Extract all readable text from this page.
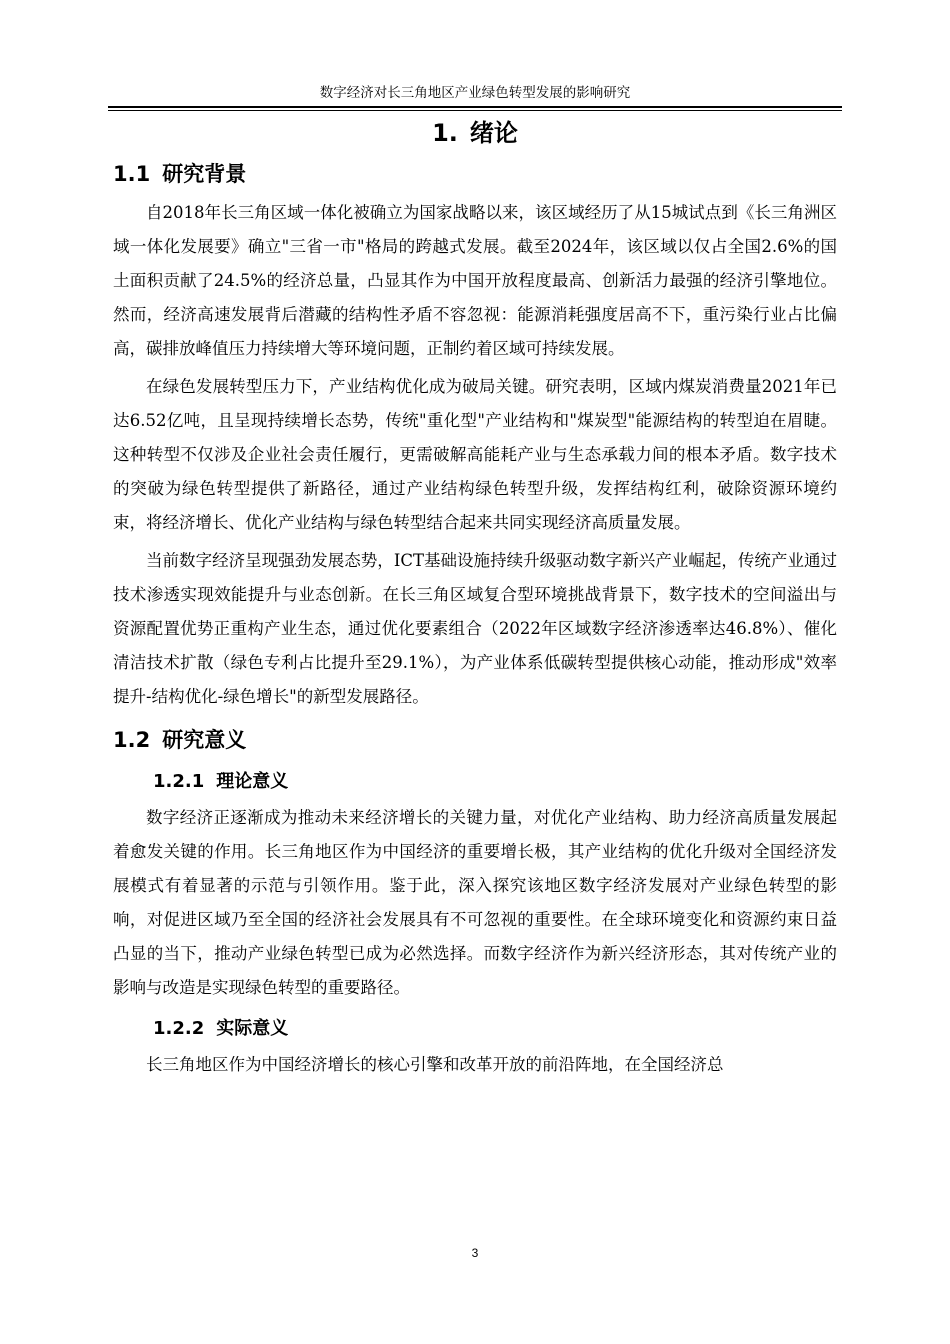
数字经济对长三角地区产业绿色转型发展的影响研究
1. 绪论
1.1 研究背景

自2018年长三角区域一体化被确立为国家战略以来，该区域经历了从15城试点到《长三角洲区域一体化发展要》确立"三省一市"格局的跨越式发展。截至2024年，该区域以仅占全国2.6%的国土面积贡献了24.5%的经济总量，凸显其作为中国开放程度最高、创新活力最强的经济引擎地位。然而，经济高速发展背后潜藏的结构性矛盾不容忽视：能源消耗强度居高不下，重污染行业占比偏高，碳排放峰值压力持续增大等环境问题，正制约着区域可持续发展。

在绿色发展转型压力下，产业结构优化成为破局关键。研究表明，区域内煤炭消费量2021年已达6.52亿吨，且呈现持续增长态势，传统"重化型"产业结构和"煤炭型"能源结构的转型迫在眉睫。这种转型不仅涉及企业社会责任履行，更需破解高能耗产业与生态承载力间的根本矛盾。数字技术的突破为绿色转型提供了新路径，通过产业结构绿色转型升级，发挥结构红利，破除资源环境约束，将经济增长、优化产业结构与绿色转型结合起来共同实现经济高质量发展。

当前数字经济呈现强劲发展态势，ICT基础设施持续升级驱动数字新兴产业崛起，传统产业通过技术渗透实现效能提升与业态创新。在长三角区域复合型环境挑战背景下，数字技术的空间溢出与资源配置优势正重构产业生态，通过优化要素组合（2022年区域数字经济渗透率达46.8%）、催化清洁技术扩散（绿色专利占比提升至29.1%），为产业体系低碳转型提供核心动能，推动形成"效率提升-结构优化-绿色增长"的新型发展路径。

1.2 研究意义
1.2.1 理论意义

数字经济正逐渐成为推动未来经济增长的关键力量，对优化产业结构、助力经济高质量发展起着愈发关键的作用。长三角地区作为中国经济的重要增长极，其产业结构的优化升级对全国经济发展模式有着显著的示范与引领作用。鉴于此，深入探究该地区数字经济发展对产业绿色转型的影响，对促进区域乃至全国的经济社会发展具有不可忽视的重要性。在全球环境变化和资源约束日益凸显的当下，推动产业绿色转型已成为必然选择。而数字经济作为新兴经济形态，其对传统产业的影响与改造是实现绿色转型的重要路径。

1.2.2 实际意义

长三角地区作为中国经济增长的核心引擎和改革开放的前沿阵地，在全国经济总

3
